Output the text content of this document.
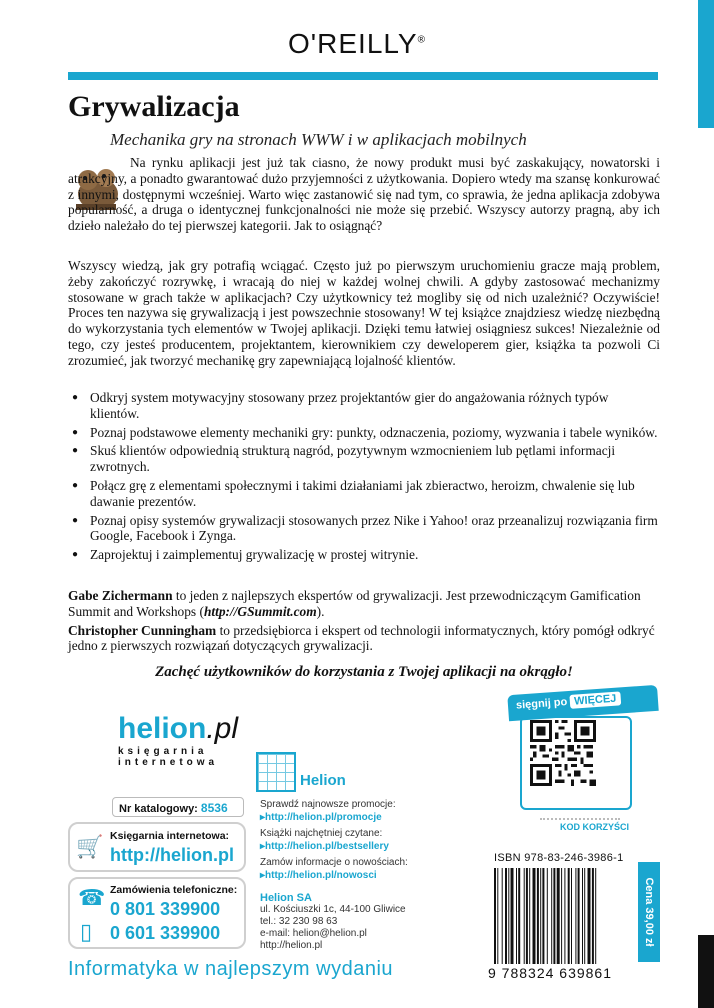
O'REILLY®
Grywalizacja
Mechanika gry na stronach WWW i w aplikacjach mobilnych

Na rynku aplikacji jest już tak ciasno, że nowy produkt musi być zaskakujący, nowatorski i atrakcyjny, a ponadto gwarantować dużo przyjemności z użytkowania. Dopiero wtedy ma szansę konkurować z innymi, dostępnymi wcześniej. Warto więc zastanowić się nad tym, co sprawia, że jedna aplikacja zdobywa popularność, a druga o identycznej funkcjonalności nie może się przebić. Wszyscy autorzy pragną, aby ich dzieło należało do tej pierwszej kategorii. Jak to osiągnąć?

Wszyscy wiedzą, jak gry potrafią wciągać. Często już po pierwszym uruchomieniu gracze mają problem, żeby zakończyć rozrywkę, i wracają do niej w każdej wolnej chwili. A gdyby zastosować mechanizmy stosowane w grach także w aplikacjach? Czy użytkownicy też mogliby się od nich uzależnić? Oczywiście! Proces ten nazywa się grywalizacją i jest powszechnie stosowany! W tej książce znajdziesz wiedzę niezbędną do wykorzystania tych elementów w Twojej aplikacji. Dzięki temu łatwiej osiągniesz sukces! Niezależnie od tego, czy jesteś producentem, projektantem, kierownikiem czy deweloperem gier, książka ta pozwoli Ci zrozumieć, jak tworzyć mechanikę gry zapewniającą lojalność klientów.

● Odkryj system motywacyjny stosowany przez projektantów gier do angażowania różnych typów klientów.
● Poznaj podstawowe elementy mechaniki gry: punkty, odznaczenia, poziomy, wyzwania i tabele wyników.
● Skuś klientów odpowiednią strukturą nagród, pozytywnym wzmocnieniem lub pętlami informacji zwrotnych.
● Połącz grę z elementami społecznymi i takimi działaniami jak zbieractwo, heroizm, chwalenie się lub dawanie prezentów.
● Poznaj opisy systemów grywalizacji stosowanych przez Nike i Yahoo! oraz przeanalizuj rozwiązania firm Google, Facebook i Zynga.
● Zaprojektuj i zaimplementuj grywalizację w prostej witrynie.

Gabe Zichermann to jeden z najlepszych ekspertów od grywalizacji. Jest przewodniczącym Gamification Summit and Workshops (http://GSummit.com).

Christopher Cunningham to przedsiębiorca i ekspert od technologii informatycznych, który pomógł odkryć jedno z pierwszych rozwiązań dotyczących grywalizacji.

Zachęć użytkowników do korzystania z Twojej aplikacji na okrągło!
helion.pl
księgarnia
internetowa
Nr katalogowy: 8536
🛒 Księgarnia internetowa:
http://helion.pl
☎
▯
Zamówienia telefoniczne:
0 801 339900
0 601 339900
Helion
Sprawdź najnowsze promocje:
▸ http://helion.pl/promocje
Książki najchętniej czytane:
▸ http://helion.pl/bestsellery
Zamów informacje o nowościach:
▸ http://helion.pl/nowosci
Helion SA
ul. Kościuszki 1c, 44-100 Gliwice
tel.: 32 230 98 63
e-mail: helion@helion.pl
http://helion.pl
Informatyka w najlepszym wydaniu
sięgnij po WIĘCEJ
KOD KORZYŚCI
ISBN 978-83-246-3986-1
9 788324 639861
Cena 39,00 zł
